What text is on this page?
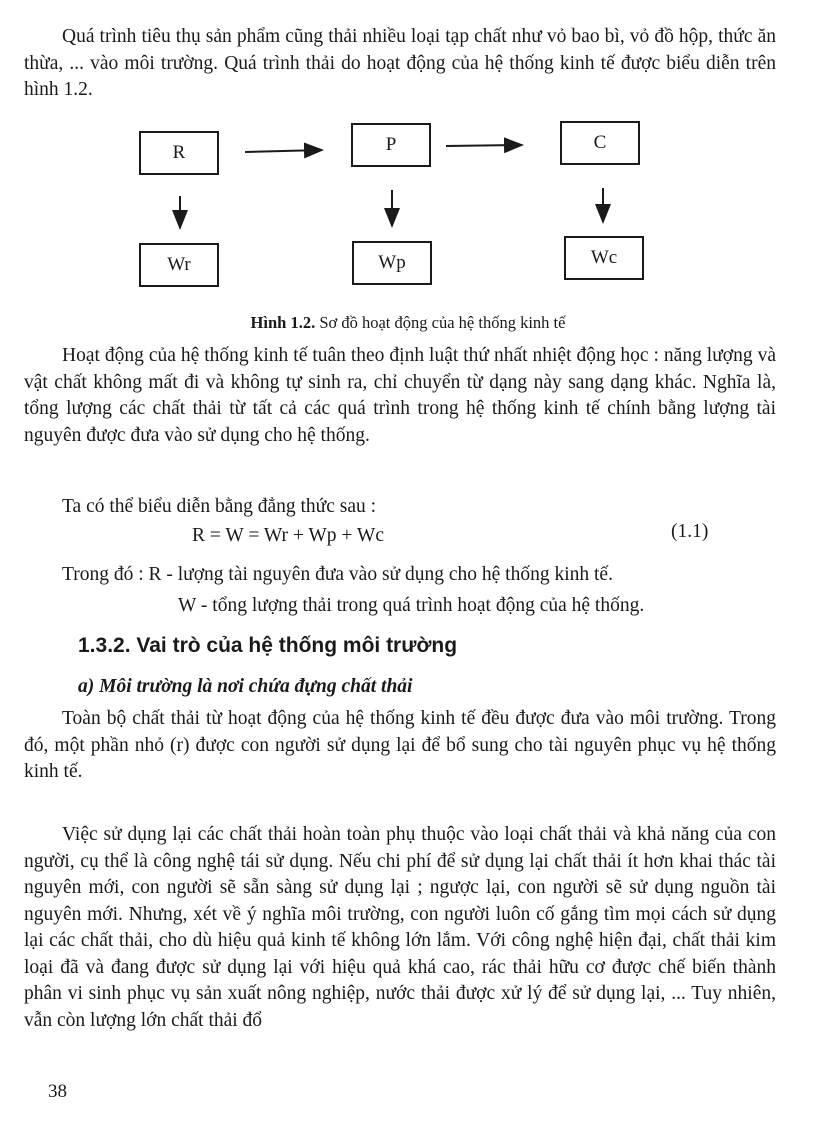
Quá trình tiêu thụ sản phẩm cũng thải nhiều loại tạp chất như vỏ bao bì, vỏ đồ hộp, thức ăn thừa, ... vào môi trường. Quá trình thải do hoạt động của hệ thống kinh tế được biểu diễn trên hình 1.2.

R	P	C
Wr	Wp	Wc
Hình 1.2. Sơ đồ hoạt động của hệ thống kinh tế

Hoạt động của hệ thống kinh tế tuân theo định luật thứ nhất nhiệt động học : năng lượng và vật chất không mất đi và không tự sinh ra, chỉ chuyển từ dạng này sang dạng khác. Nghĩa là, tổng lượng các chất thải từ tất cả các quá trình trong hệ thống kinh tế chính bằng lượng tài nguyên được đưa vào sử dụng cho hệ thống.

Ta có thể biểu diễn bằng đẳng thức sau :

R = W = Wr + Wp + Wc	(1.1)
Trong đó : R - lượng tài nguyên đưa vào sử dụng cho hệ thống kinh tế.
W - tổng lượng thải trong quá trình hoạt động của hệ thống.
1.3.2. Vai trò của hệ thống môi trường
a) Môi trường là nơi chứa đựng chất thải

Toàn bộ chất thải từ hoạt động của hệ thống kinh tế đều được đưa vào môi trường. Trong đó, một phần nhỏ (r) được con người sử dụng lại để bổ sung cho tài nguyên phục vụ hệ thống kinh tế.

Việc sử dụng lại các chất thải hoàn toàn phụ thuộc vào loại chất thải và khả năng của con người, cụ thể là công nghệ tái sử dụng. Nếu chi phí để sử dụng lại chất thải ít hơn khai thác tài nguyên mới, con người sẽ sẵn sàng sử dụng lại ; ngược lại, con người sẽ sử dụng nguồn tài nguyên mới. Nhưng, xét về ý nghĩa môi trường, con người luôn cố gắng tìm mọi cách sử dụng lại các chất thải, cho dù hiệu quả kinh tế không lớn lắm. Với công nghệ hiện đại, chất thải kim loại đã và đang được sử dụng lại với hiệu quả khá cao, rác thải hữu cơ được chế biến thành phân vi sinh phục vụ sản xuất nông nghiệp, nước thải được xử lý để sử dụng lại, ... Tuy nhiên, vẫn còn lượng lớn chất thải đổ

38
